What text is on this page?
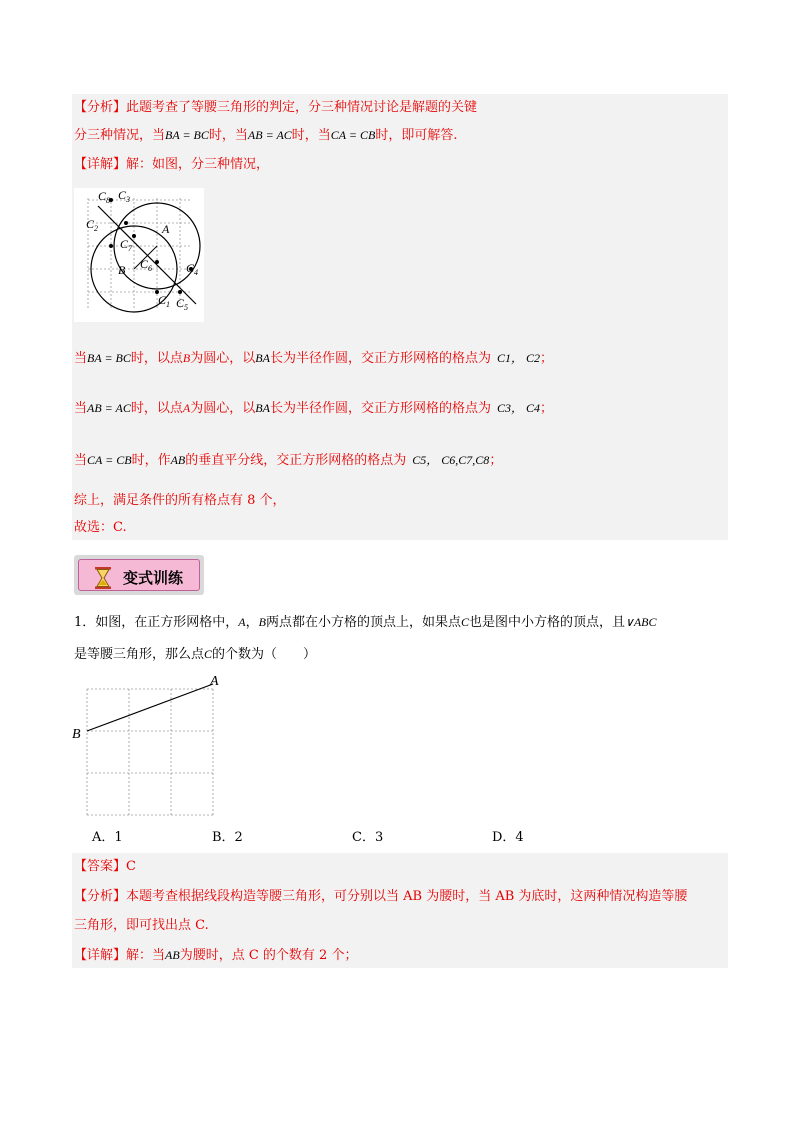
【分析】此题考查了等腰三角形的判定，分三种情况讨论是解题的关键
分三种情况，当BA = BC时，当AB = AC时，当CA = CB时，即可解答.
【详解】解：如图，分三种情况，
$C_8$ $C_3$
$C_2$
$C_7$
A
B $C_6$	$C_4$
$C_1$ $C_5$
当BA = BC时，以点B为圆心，以BA长为半径作圆，交正方形网格的格点为 C1， C2；
当AB = AC时，以点A为圆心，以BA长为半径作圆，交正方形网格的格点为 C3， C4；
当CA = CB时，作AB的垂直平分线，交正方形网格的格点为 C5， C6,C7,C8；
综上，满足条件的所有格点有 8 个，
故选：C.
变式训练
1．如图，在正方形网格中，A，B两点都在小方格的顶点上，如果点C也是图中小方格的顶点，且∨ABC
是等腰三角形，那么点C的个数为（　　）
A
B
A．1	B．2	C．3	D．4
【答案】C
【分析】本题考查根据线段构造等腰三角形，可分别以当 AB 为腰时，当 AB 为底时，这两种情况构造等腰
三角形，即可找出点 C.
【详解】解：当AB为腰时，点 C 的个数有 2 个；
